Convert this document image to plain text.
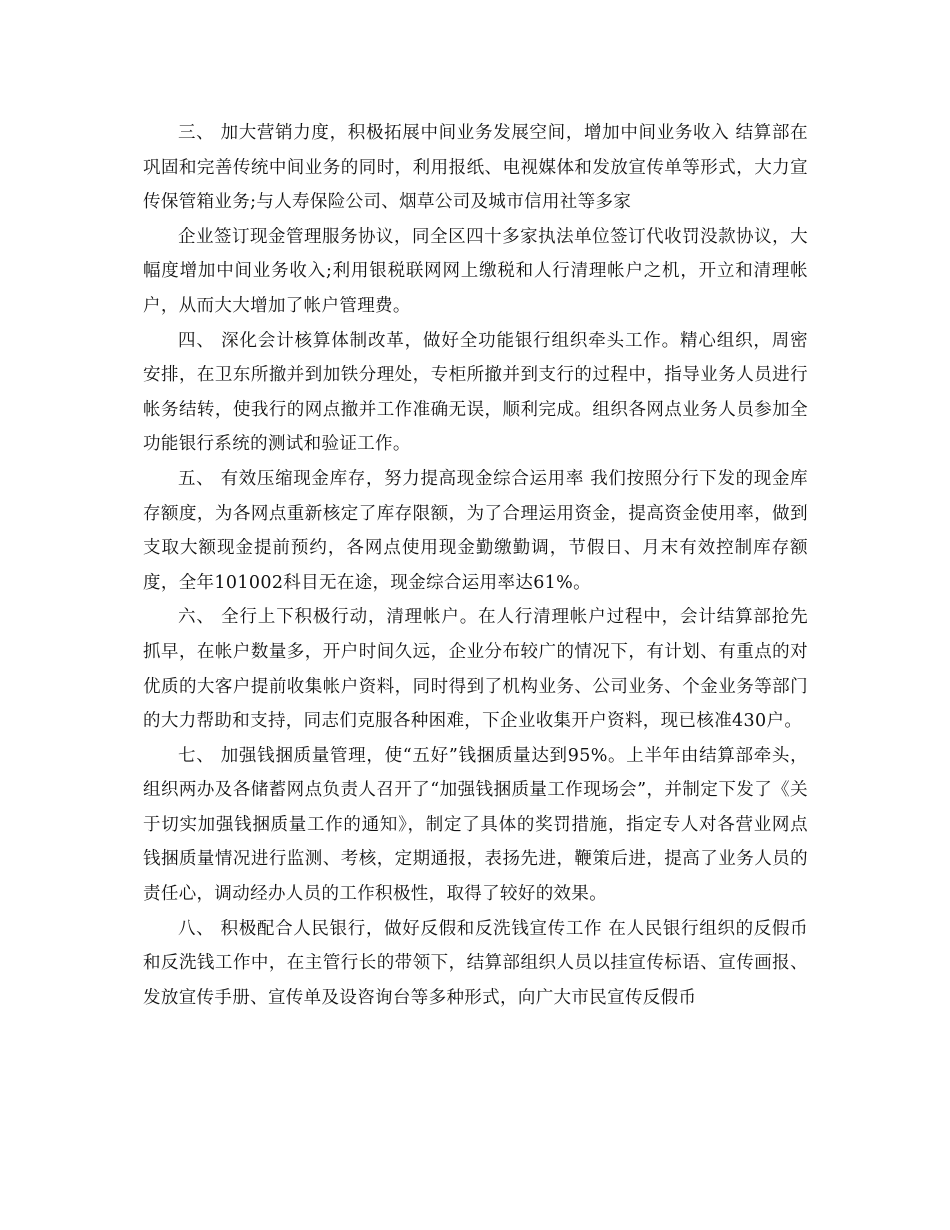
三、 加大营销力度，积极拓展中间业务发展空间，增加中间业务收入 结算部在巩固和完善传统中间业务的同时，利用报纸、电视媒体和发放宣传单等形式，大力宣传保管箱业务;与人寿保险公司、烟草公司及城市信用社等多家

企业签订现金管理服务协议，同全区四十多家执法单位签订代收罚没款协议，大幅度增加中间业务收入;利用银税联网网上缴税和人行清理帐户之机，开立和清理帐户，从而大大增加了帐户管理费。

四、 深化会计核算体制改革，做好全功能银行组织牵头工作。精心组织，周密安排，在卫东所撤并到加铁分理处，专柜所撤并到支行的过程中，指导业务人员进行帐务结转，使我行的网点撤并工作准确无误，顺利完成。组织各网点业务人员参加全功能银行系统的测试和验证工作。

五、 有效压缩现金库存，努力提高现金综合运用率 我们按照分行下发的现金库存额度，为各网点重新核定了库存限额，为了合理运用资金，提高资金使用率，做到支取大额现金提前预约，各网点使用现金勤缴勤调，节假日、月末有效控制库存额度，全年101002科目无在途，现金综合运用率达61%。

六、 全行上下积极行动，清理帐户。在人行清理帐户过程中，会计结算部抢先抓早，在帐户数量多，开户时间久远，企业分布较广的情况下，有计划、有重点的对优质的大客户提前收集帐户资料，同时得到了机构业务、公司业务、个金业务等部门的大力帮助和支持，同志们克服各种困难，下企业收集开户资料，现已核准430户。

七、 加强钱捆质量管理，使“五好”钱捆质量达到95%。上半年由结算部牵头，组织两办及各储蓄网点负责人召开了“加强钱捆质量工作现场会”，并制定下发了《关于切实加强钱捆质量工作的通知》，制定了具体的奖罚措施，指定专人对各营业网点钱捆质量情况进行监测、考核，定期通报，表扬先进，鞭策后进，提高了业务人员的责任心，调动经办人员的工作积极性，取得了较好的效果。

八、 积极配合人民银行，做好反假和反洗钱宣传工作 在人民银行组织的反假币和反洗钱工作中，在主管行长的带领下，结算部组织人员以挂宣传标语、宣传画报、发放宣传手册、宣传单及设咨询台等多种形式，向广大市民宣传反假币
